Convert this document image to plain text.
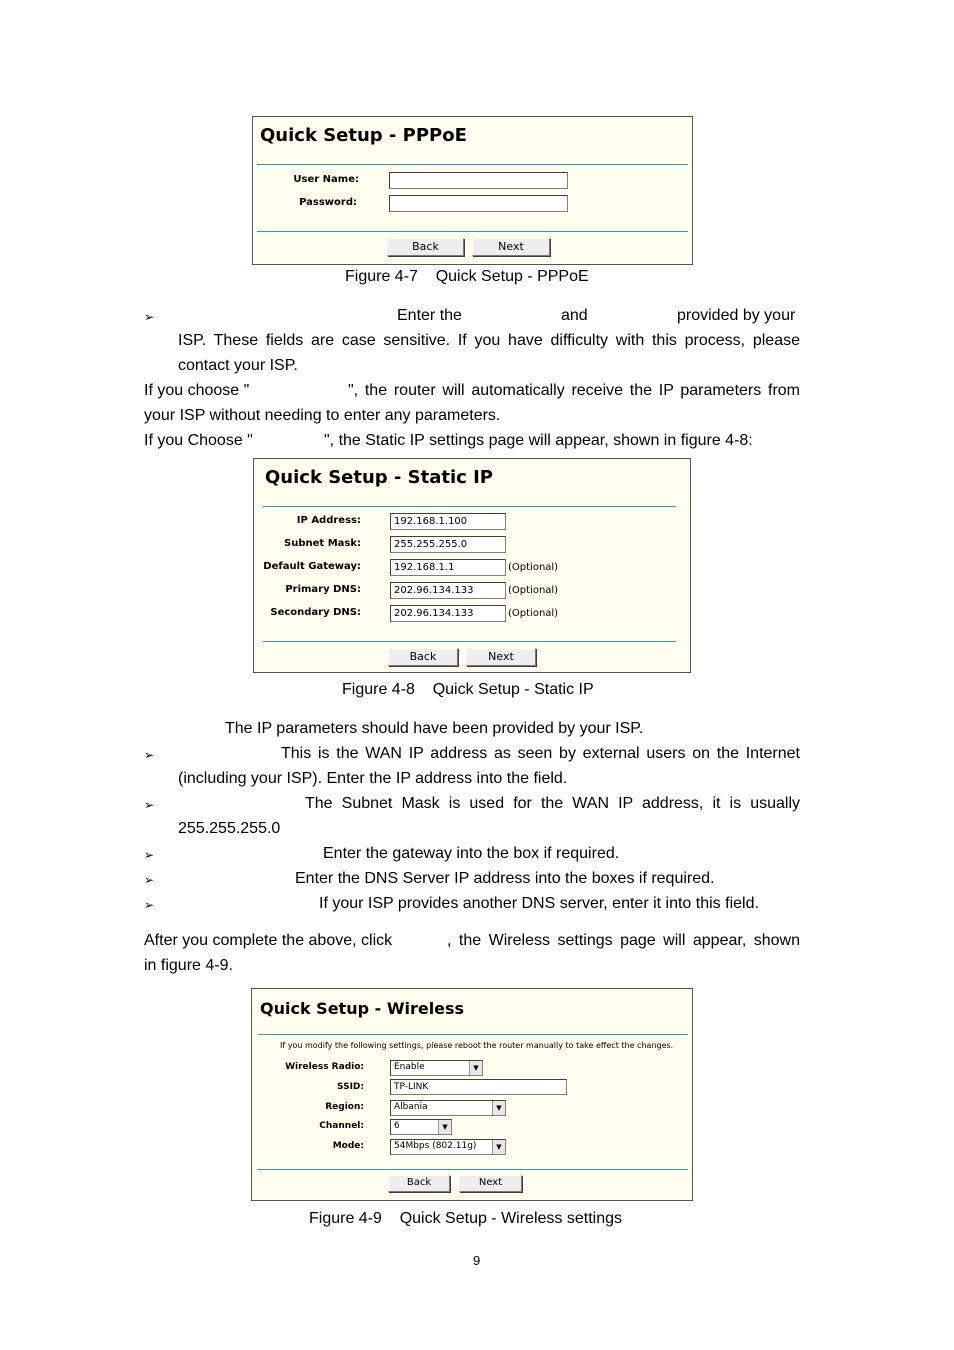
Quick Setup - PPPoE
User Name:
Password:
Back	Next
Figure 4-7    Quick Setup - PPPoE
➢	Enter the	and	provided by your
ISP. These fields are case sensitive. If you have difficulty with this process, please
contact your ISP.
If you choose "	", the router will automatically receive the IP parameters from
your ISP without needing to enter any parameters.
If you Choose "	", the Static IP settings page will appear, shown in figure 4-8:
Quick Setup - Static IP
IP Address:	192.168.1.100
Subnet Mask:	255.255.255.0
Default Gateway:	192.168.1.1	(Optional)
Primary DNS:	202.96.134.133	(Optional)
Secondary DNS:	202.96.134.133	(Optional)
Back	Next
Figure 4-8    Quick Setup - Static IP
The IP parameters should have been provided by your ISP.
➢	This is the WAN IP address as seen by external users on the Internet
(including your ISP). Enter the IP address into the field.
➢	The Subnet Mask is used for the WAN IP address, it is usually
255.255.255.0
➢	Enter the gateway into the box if required.
➢	Enter the DNS Server IP address into the boxes if required.
➢	If your ISP provides another DNS server, enter it into this field.
After you complete the above, click	, the Wireless settings page will appear, shown
in figure 4-9.
Quick Setup - Wireless
If you modify the following settings, please reboot the router manually to take effect the changes.
Wireless Radio:	Enable	▼
SSID:	TP-LINK
Region:	Albania	▼
Channel:	6	▼
Mode:	54Mbps (802.11g)	▼
Back	Next
Figure 4-9    Quick Setup - Wireless settings
9
